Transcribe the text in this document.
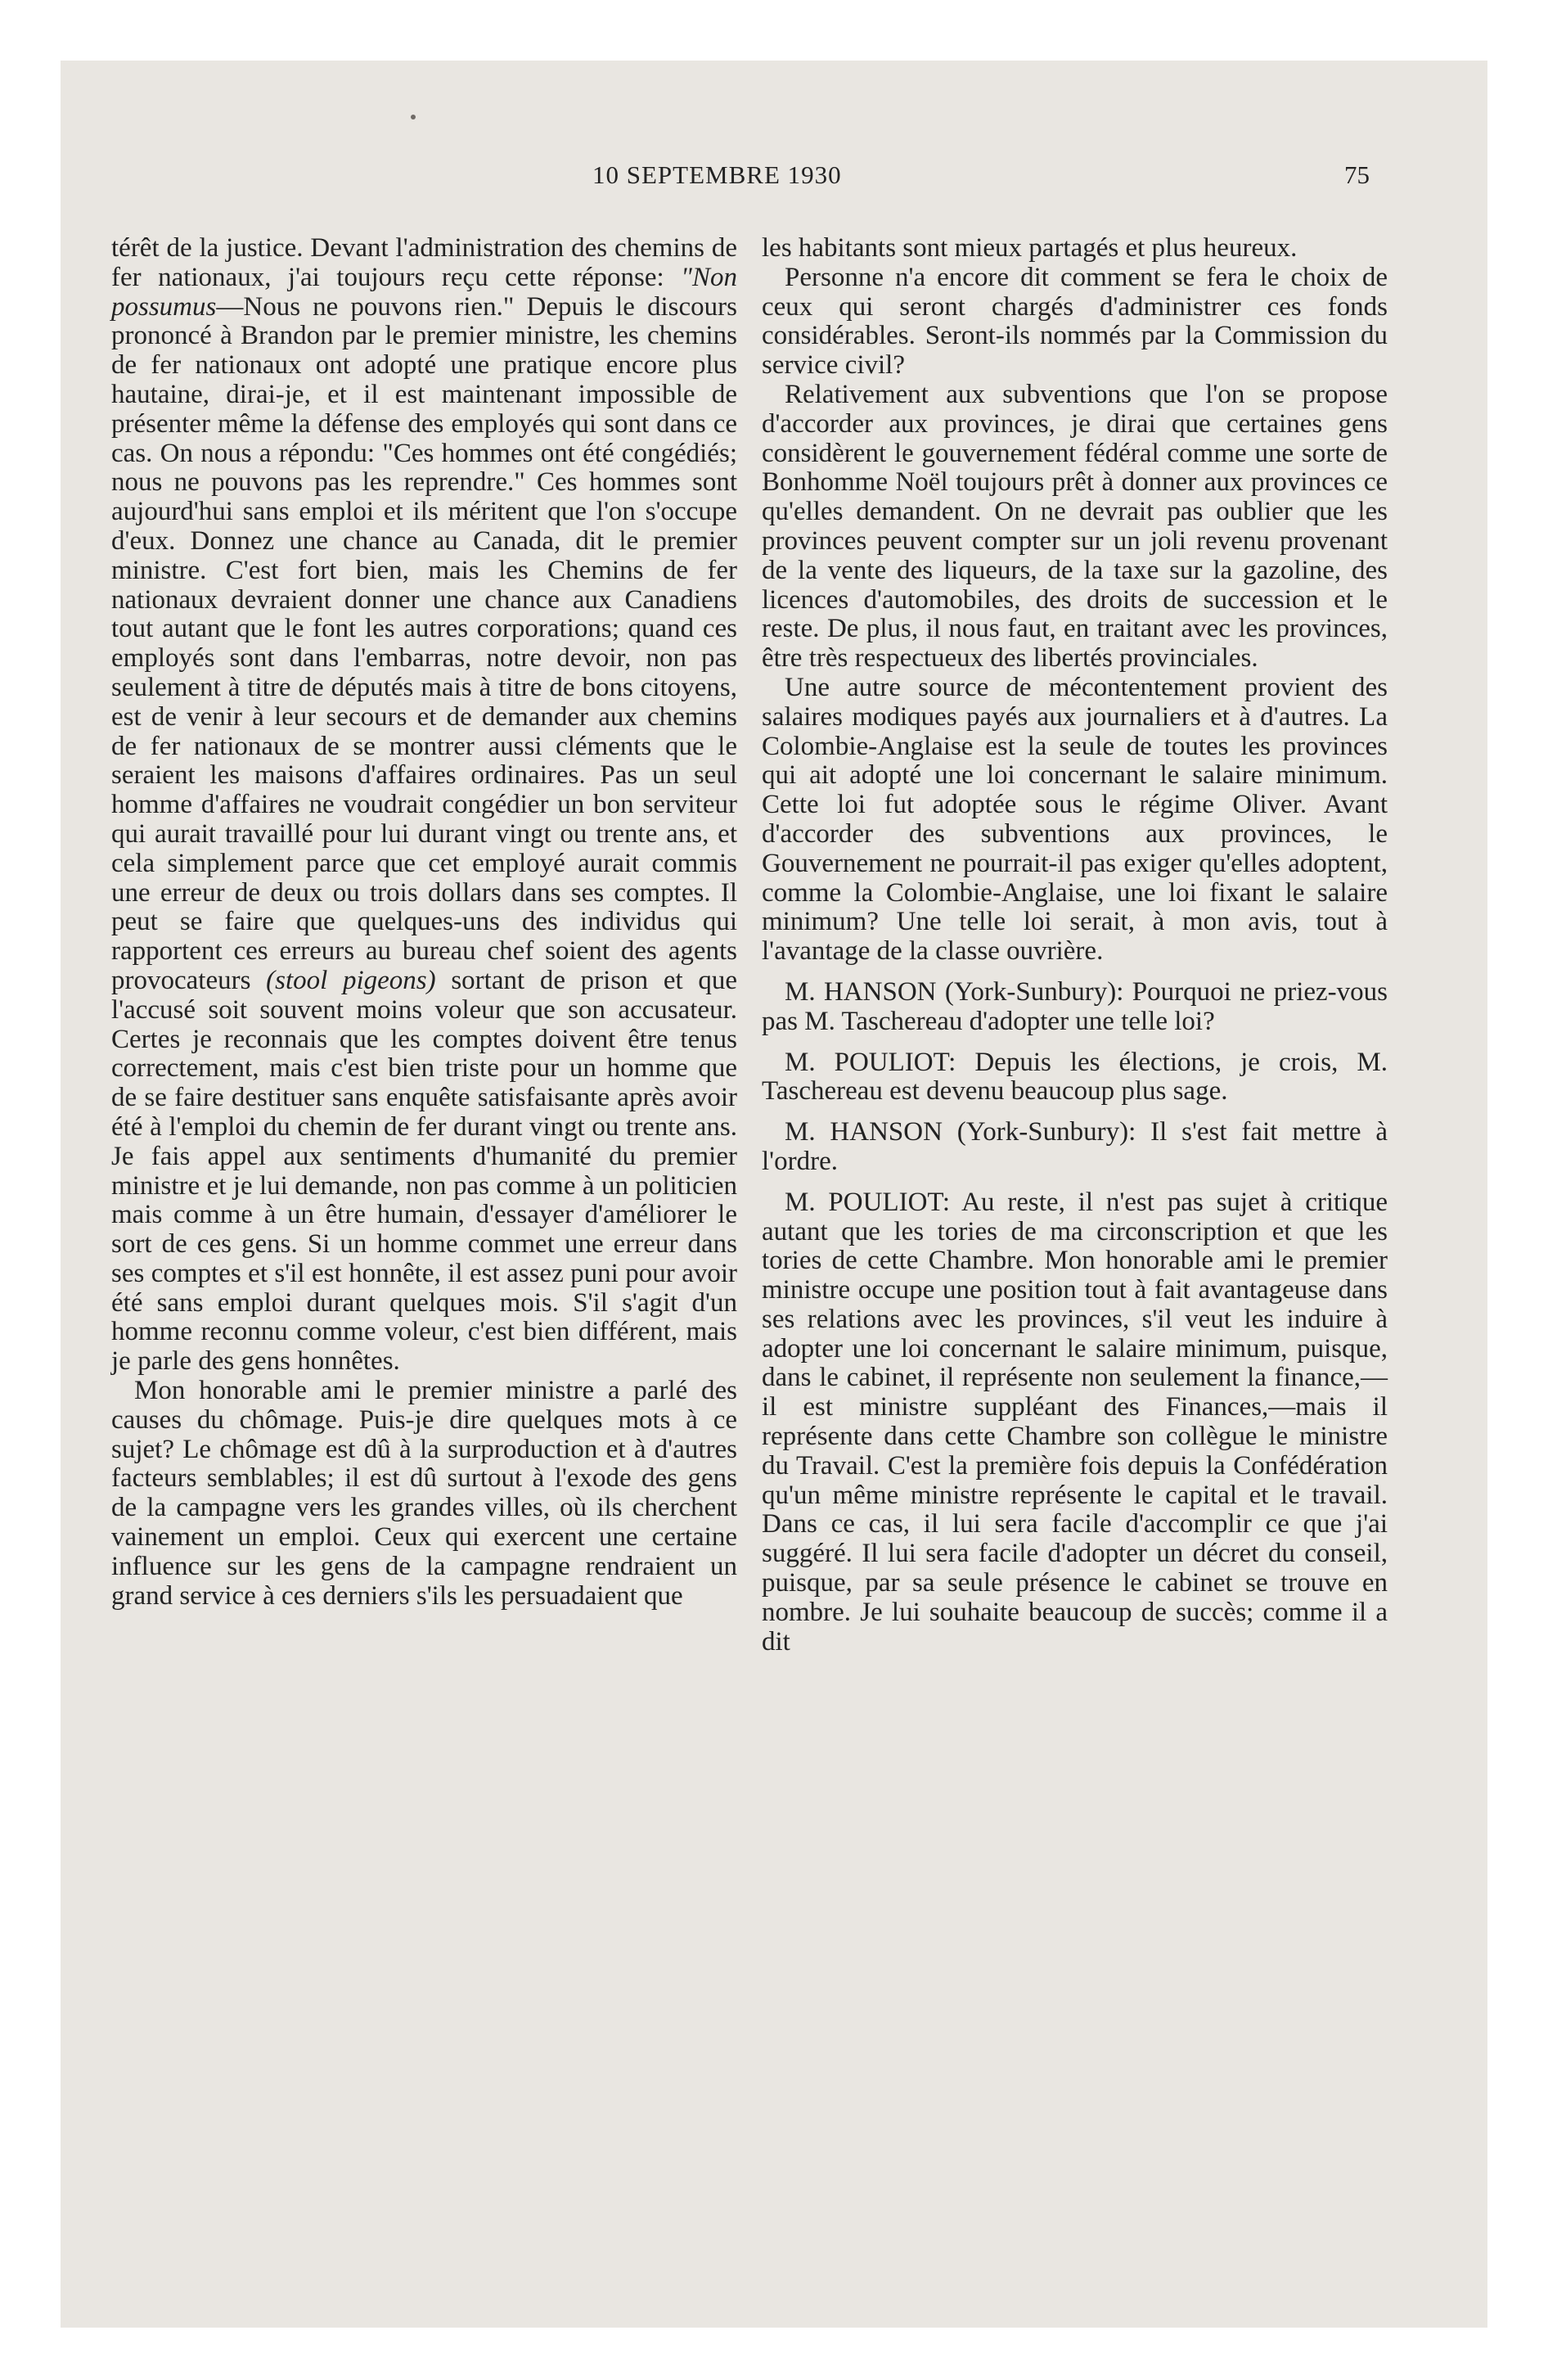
10 SEPTEMBRE 1930	75

térêt de la justice. Devant l'administration des chemins de fer nationaux, j'ai toujours reçu cette réponse: "Non possumus—Nous ne pouvons rien." Depuis le discours prononcé à Brandon par le premier ministre, les chemins de fer nationaux ont adopté une pratique encore plus hautaine, dirai-je, et il est maintenant impossible de présenter même la défense des employés qui sont dans ce cas. On nous a répondu: "Ces hommes ont été congédiés; nous ne pouvons pas les reprendre." Ces hommes sont aujourd'hui sans emploi et ils méritent que l'on s'occupe d'eux. Donnez une chance au Canada, dit le premier ministre. C'est fort bien, mais les Chemins de fer nationaux devraient donner une chance aux Canadiens tout autant que le font les autres corporations; quand ces employés sont dans l'embarras, notre devoir, non pas seulement à titre de députés mais à titre de bons citoyens, est de venir à leur secours et de demander aux chemins de fer nationaux de se montrer aussi cléments que le seraient les maisons d'affaires ordinaires. Pas un seul homme d'affaires ne voudrait congédier un bon serviteur qui aurait travaillé pour lui durant vingt ou trente ans, et cela simplement parce que cet employé aurait commis une erreur de deux ou trois dollars dans ses comptes. Il peut se faire que quelques-uns des individus qui rapportent ces erreurs au bureau chef soient des agents provocateurs (stool pigeons) sortant de prison et que l'accusé soit souvent moins voleur que son accusateur. Certes je reconnais que les comptes doivent être tenus correctement, mais c'est bien triste pour un homme que de se faire destituer sans enquête satisfaisante après avoir été à l'emploi du chemin de fer durant vingt ou trente ans. Je fais appel aux sentiments d'humanité du premier ministre et je lui demande, non pas comme à un politicien mais comme à un être humain, d'essayer d'améliorer le sort de ces gens. Si un homme commet une erreur dans ses comptes et s'il est honnête, il est assez puni pour avoir été sans emploi durant quelques mois. S'il s'agit d'un homme reconnu comme voleur, c'est bien différent, mais je parle des gens honnêtes.

Mon honorable ami le premier ministre a parlé des causes du chômage. Puis-je dire quelques mots à ce sujet? Le chômage est dû à la surproduction et à d'autres facteurs semblables; il est dû surtout à l'exode des gens de la campagne vers les grandes villes, où ils cherchent vainement un emploi. Ceux qui exercent une certaine influence sur les gens de la campagne rendraient un grand service à ces derniers s'ils les persuadaient que

les habitants sont mieux partagés et plus heureux.

Personne n'a encore dit comment se fera le choix de ceux qui seront chargés d'administrer ces fonds considérables. Seront-ils nommés par la Commission du service civil?

Relativement aux subventions que l'on se propose d'accorder aux provinces, je dirai que certaines gens considèrent le gouvernement fédéral comme une sorte de Bonhomme Noël toujours prêt à donner aux provinces ce qu'elles demandent. On ne devrait pas oublier que les provinces peuvent compter sur un joli revenu provenant de la vente des liqueurs, de la taxe sur la gazoline, des licences d'automobiles, des droits de succession et le reste. De plus, il nous faut, en traitant avec les provinces, être très respectueux des libertés provinciales.

Une autre source de mécontentement provient des salaires modiques payés aux journaliers et à d'autres. La Colombie-Anglaise est la seule de toutes les provinces qui ait adopté une loi concernant le salaire minimum. Cette loi fut adoptée sous le régime Oliver. Avant d'accorder des subventions aux provinces, le Gouvernement ne pourrait-il pas exiger qu'elles adoptent, comme la Colombie-Anglaise, une loi fixant le salaire minimum? Une telle loi serait, à mon avis, tout à l'avantage de la classe ouvrière.

M. HANSON (York-Sunbury): Pourquoi ne priez-vous pas M. Taschereau d'adopter une telle loi?

M. POULIOT: Depuis les élections, je crois, M. Taschereau est devenu beaucoup plus sage.

M. HANSON (York-Sunbury): Il s'est fait mettre à l'ordre.

M. POULIOT: Au reste, il n'est pas sujet à critique autant que les tories de ma circonscription et que les tories de cette Chambre. Mon honorable ami le premier ministre occupe une position tout à fait avantageuse dans ses relations avec les provinces, s'il veut les induire à adopter une loi concernant le salaire minimum, puisque, dans le cabinet, il représente non seulement la finance,—il est ministre suppléant des Finances,—mais il représente dans cette Chambre son collègue le ministre du Travail. C'est la première fois depuis la Confédération qu'un même ministre représente le capital et le travail. Dans ce cas, il lui sera facile d'accomplir ce que j'ai suggéré. Il lui sera facile d'adopter un décret du conseil, puisque, par sa seule présence le cabinet se trouve en nombre. Je lui souhaite beaucoup de succès; comme il a dit
